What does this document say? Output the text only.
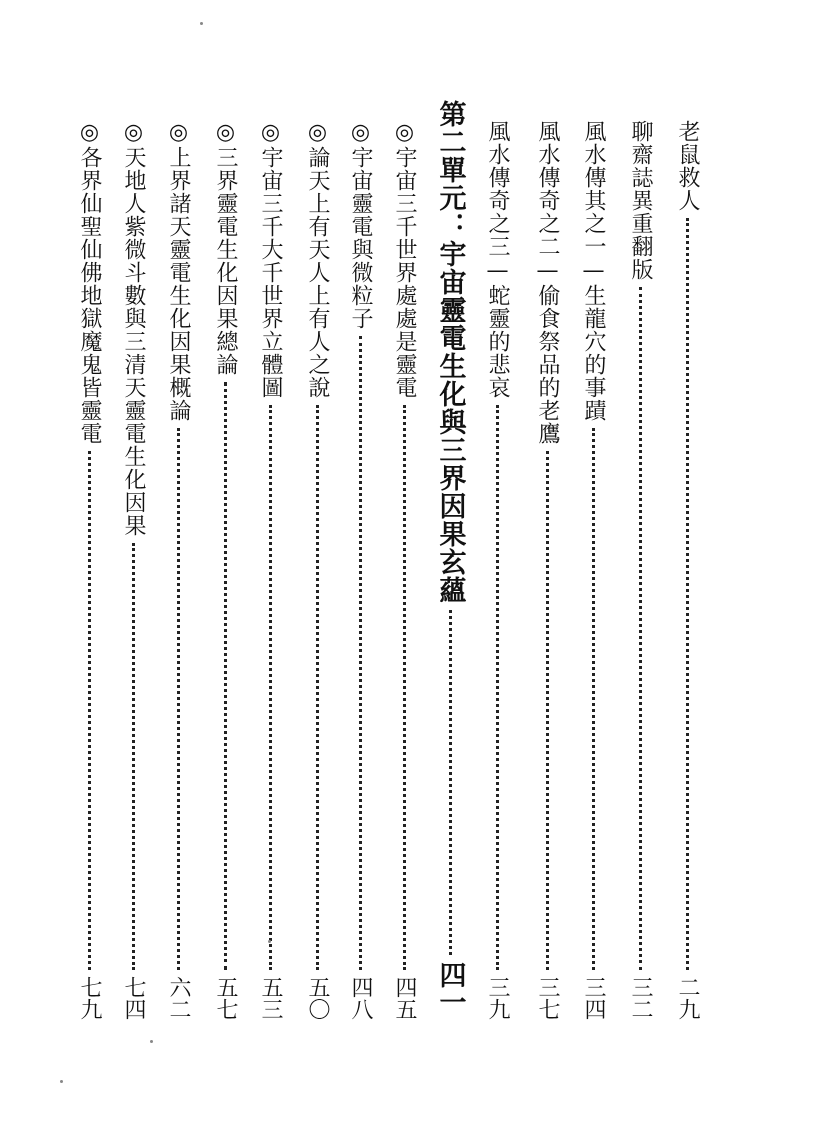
老鼠救人
二九
聊齋誌異重翻版
三二
風水傳其之一—生龍穴的事蹟
三四
風水傳奇之二—偷食祭品的老鷹
三七
風水傳奇之三—蛇靈的悲哀
三九
第二單元：宇宙靈電生化與三界因果玄蘊
四一
◎宇宙三千世界處處是靈電
四五
◎宇宙靈電與微粒子
四八
◎論天上有天人上有人之說
五〇
◎宇宙三千大千世界立體圖
五三
◎三界靈電生化因果總論
五七
◎上界諸天靈電生化因果概論
六二
◎天地人紫微斗數與三清天靈電生化因果
七四
◎各界仙聖仙佛地獄魔鬼皆靈電
七九
